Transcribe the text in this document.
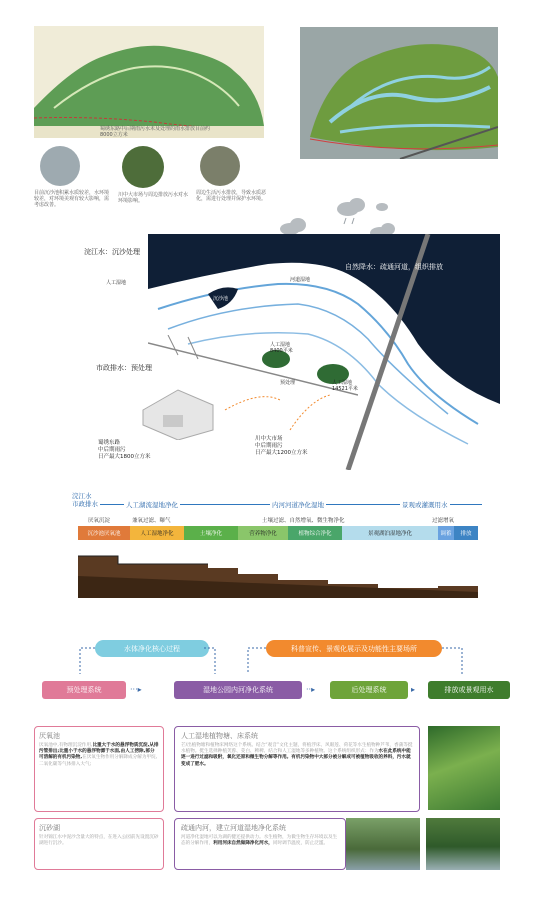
蜀绣东路中后期雨污水未及处理的雨水排放目前约8000立方米
目前沉沙池积累水质较差，水环境较差，对环境美观有较大影响，需考虑改善。
川中大市场与周边排放污水对水环境影响。
周边生活污水排放，导致水质恶化，需进行处理并保护水环境。
浣江水：沉沙处理
自然降水：疏通河道，组织排放
市政排水：预处理
人工湿地
沉沙池
河道湿地
人工湿地
8400平米
人工湿地
14521平米
预处理
蜀绣东路
中后期雨污
日产最大1800立方米
川中大市场
中后期雨污
日产最大1200立方米
浣江水
市政排水	人工湖流湿地净化	内河河道净化湿地	景观或灌溉用水
厌氧沉淀	兼氧过滤、曝气	土壤过滤、自然增氧、微生物净化	过滤增氧
沉沙池厌氧池	人工湿地净化	土壤净化	营养物净化	植物综合净化	景观湖泊湿地净化	调蓄	排放
水体净化核心过程	科普宣传、景观化展示及功能性主要场所
预处理系统	湿地公园内河净化系统	后处理系统	排放或景观用水
···▸	··▸	▸
厌氧池
厌氧池中,有物理沉淀作用,比重大于水的悬浮物质沉淀,从排污管排出;比重小于水的悬浮物漂于水面,由人工捞除,部分可溶解的有机污染物,在厌氧生物作用分解降成分解为甲烷,二氧化碳等气体排入大气;
沉砂湖
针对锦江水中泥沙含量大的特点，在进入公园前先设置沉砂湖进行沉沙。
人工湿地植物塘、床系统
芒/出植物塘和植物床网络这个系统。结合“观音”文化主题，将植浮床、风眼莲、荷花等水生植物种芦苇，香蒲等挺水植物。挺生选择种植芙蓉、茭白、稗稗、结合和人工湿地等多种植物。这个系统组织形式：作为水在此系统中能逐一进行过滤和吸附，氧化还原和微生物分解等作用。有机污染物中大部分被分解成可被植物吸收的养料，污水就变成了肥水。
疏通内河，建立河道湿地净化系统
河道净化湿地可以为湖的健还提供动力。水生植物，为微生物生存环境以及生态的分解作用，利用河床自然做降净化河水，同时调节温度，防止泛滥。
